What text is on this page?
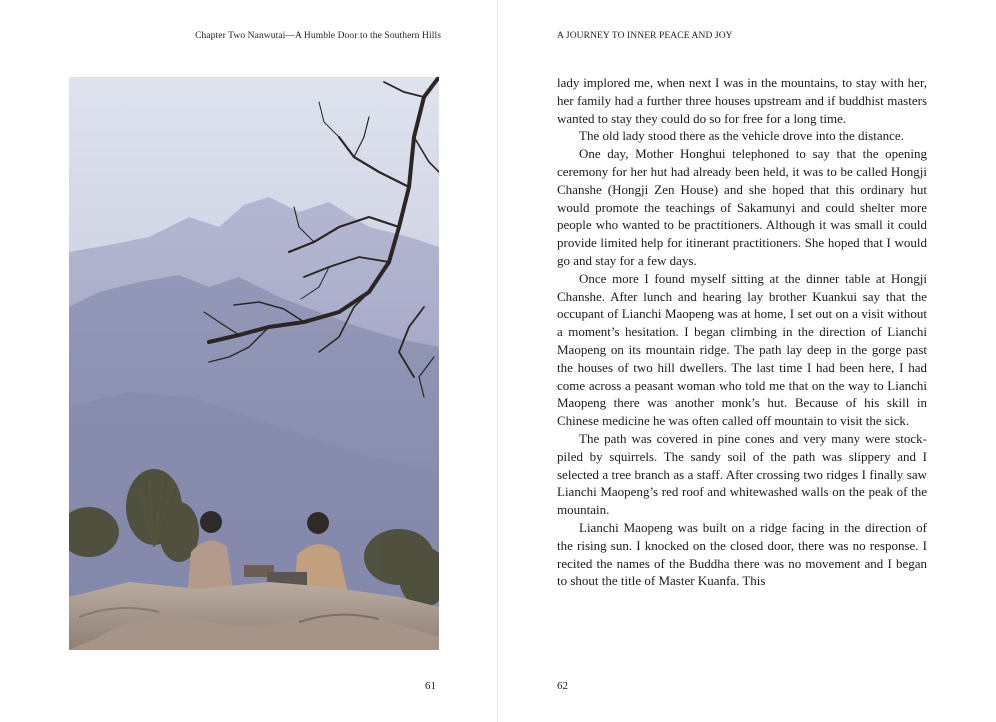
Chapter Two Nanwutai—A Humble Door to the Southern Hills
61
A JOURNEY TO INNER PEACE AND JOY

lady implored me, when next I was in the mountains, to stay with her, her family had a further three houses upstream and if buddhist masters wanted to stay they could do so for free for a long time.

The old lady stood there as the vehicle drove into the distance.

One day, Mother Honghui telephoned to say that the opening ceremony for her hut had already been held, it was to be called Hongji Chanshe (Hongji Zen House) and she hoped that this ordinary hut would promote the teachings of Sakamunyi and could shelter more people who wanted to be practitioners. Although it was small it could provide limited help for itinerant practitioners. She hoped that I would go and stay for a few days.

Once more I found myself sitting at the dinner table at Hongji Chanshe. After lunch and hearing lay brother Kuankui say that the occupant of Lianchi Maopeng was at home, I set out on a visit without a moment’s hesitation. I began climbing in the direction of Lianchi Maopeng on its mountain ridge. The path lay deep in the gorge past the houses of two hill dwellers. The last time I had been here, I had come across a peasant woman who told me that on the way to Lianchi Maopeng there was another monk’s hut. Because of his skill in Chinese medicine he was often called off mountain to visit the sick.

The path was covered in pine cones and very many were stock-piled by squirrels. The sandy soil of the path was slippery and I selected a tree branch as a staff. After crossing two ridges I finally saw Lianchi Maopeng’s red roof and whitewashed walls on the peak of the mountain.

Lianchi Maopeng was built on a ridge facing in the direction of the rising sun. I knocked on the closed door, there was no response. I recited the names of the Buddha there was no movement and I began to shout the title of Master Kuanfa. This

62
